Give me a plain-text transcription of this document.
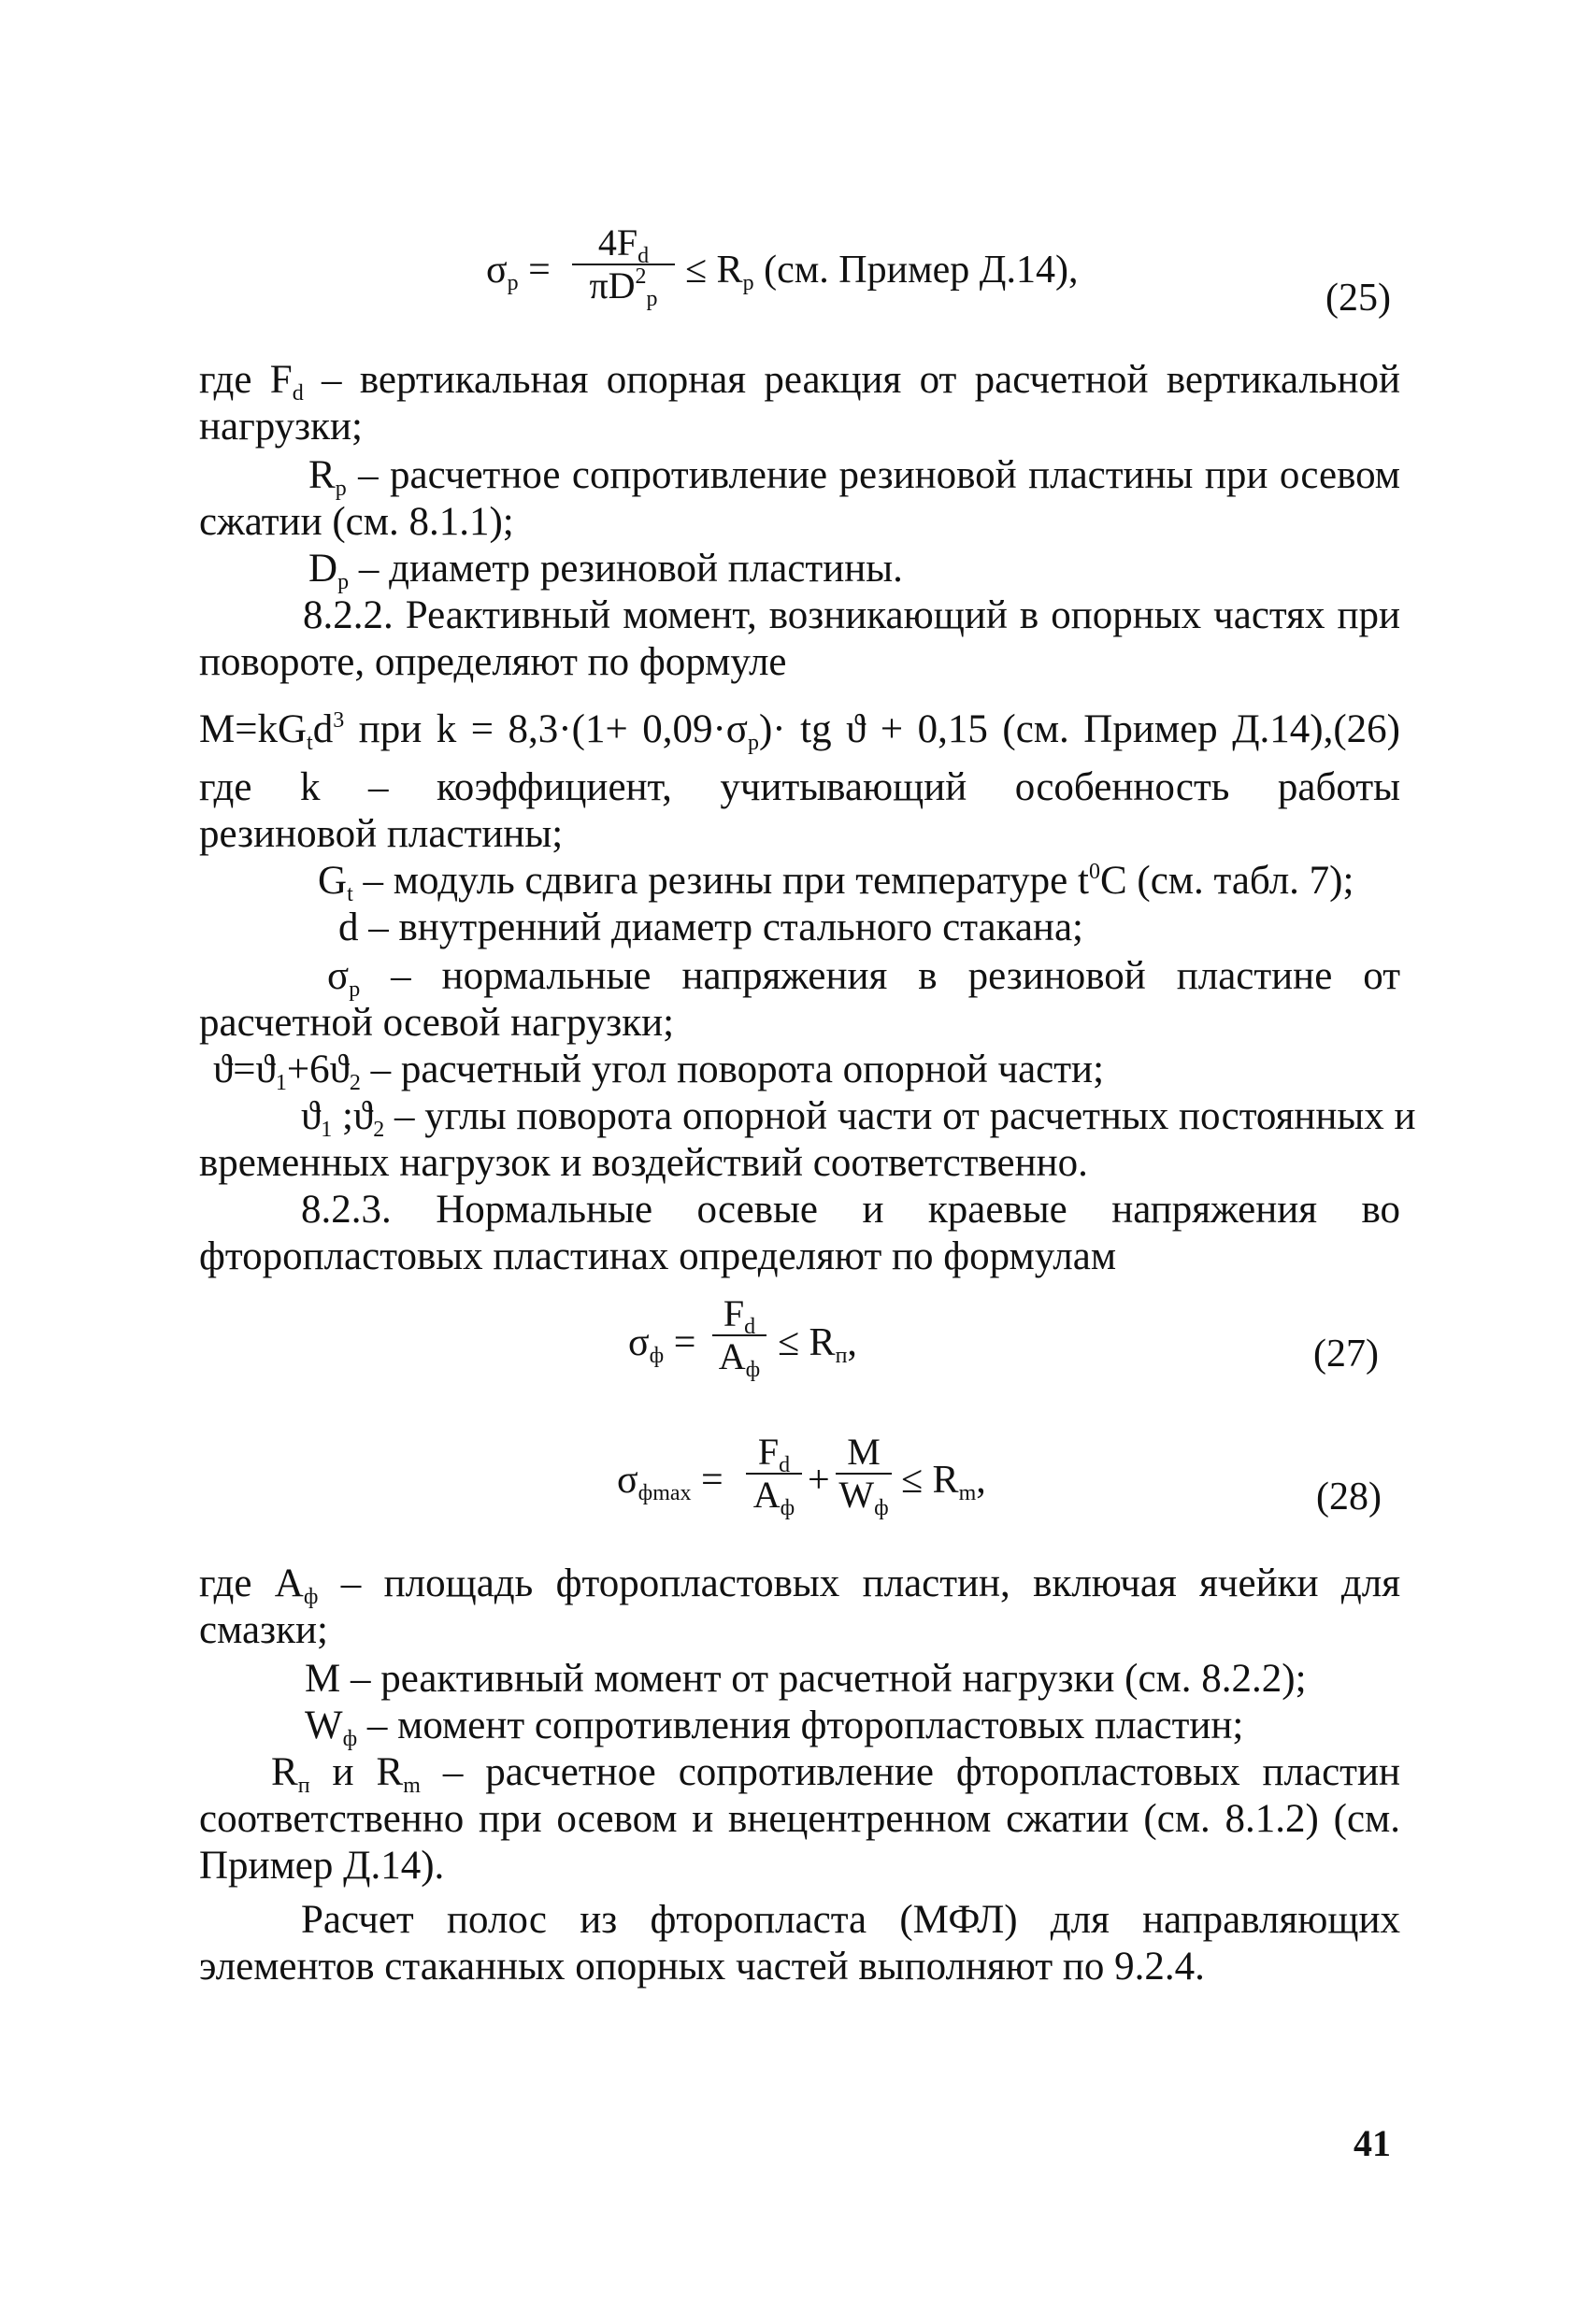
$\sigma_p = \frac{4F_d}{\pi D^2_p} \le R_p$ (см. Пример Д.14),
(25)
где $F_d$ – вертикальная опорная реакция от расчетной вертикальной
нагрузки;
$R_p$ – расчетное сопротивление резиновой пластины при осевом
сжатии (см. 8.1.1);
$D_p$ – диаметр резиновой пластины.
8.2.2. Реактивный момент, возникающий в опорных частях при
повороте, определяют по формуле
$M=kG_td^3$ при $k = 8,3\cdot(1+ 0,09\cdot\sigma_p)\cdot$ tg ϑ + 0,15 (см. Пример Д.14),(26)
где k – коэффициент, учитывающий особенность работы
резиновой пластины;
$G_t$ – модуль сдвига резины при температуре $t^0C$ (см. табл. 7);
d – внутренний диаметр стального стакана;
$\sigma_p$ – нормальные напряжения в резиновой пластине от
расчетной осевой нагрузки;
$ϑ=ϑ_1+6ϑ_2$ – расчетный угол поворота опорной части;
$ϑ_1$ $;ϑ_2$ – углы поворота опорной части от расчетных постоянных и
временных нагрузок и воздействий соответственно.
8.2.3. Нормальные осевые и краевые напряжения во
фторопластовых пластинах определяют по формулам
$\sigma_ф$ =
$F_d$
$A_ф$
≤ $R_п$,	(27)
$\sigma_{фmax}$ =
$F_d$
$A_ф$
+
M
$W_ф$
≤ $R_m$,	(28)
где $A_ф$ – площадь фторопластовых пластин, включая ячейки для
смазки;
M – реактивный момент от расчетной нагрузки (см. 8.2.2);
$W_ф$ – момент сопротивления фторопластовых пластин;
$R_п$ и $R_m$ – расчетное сопротивление фторопластовых пластин
соответственно при осевом и внецентренном сжатии (см. 8.1.2) (см.
Пример Д.14).
Расчет полос из фторопласта (МФЛ) для направляющих
элементов стаканных опорных частей выполняют по 9.2.4.
41
